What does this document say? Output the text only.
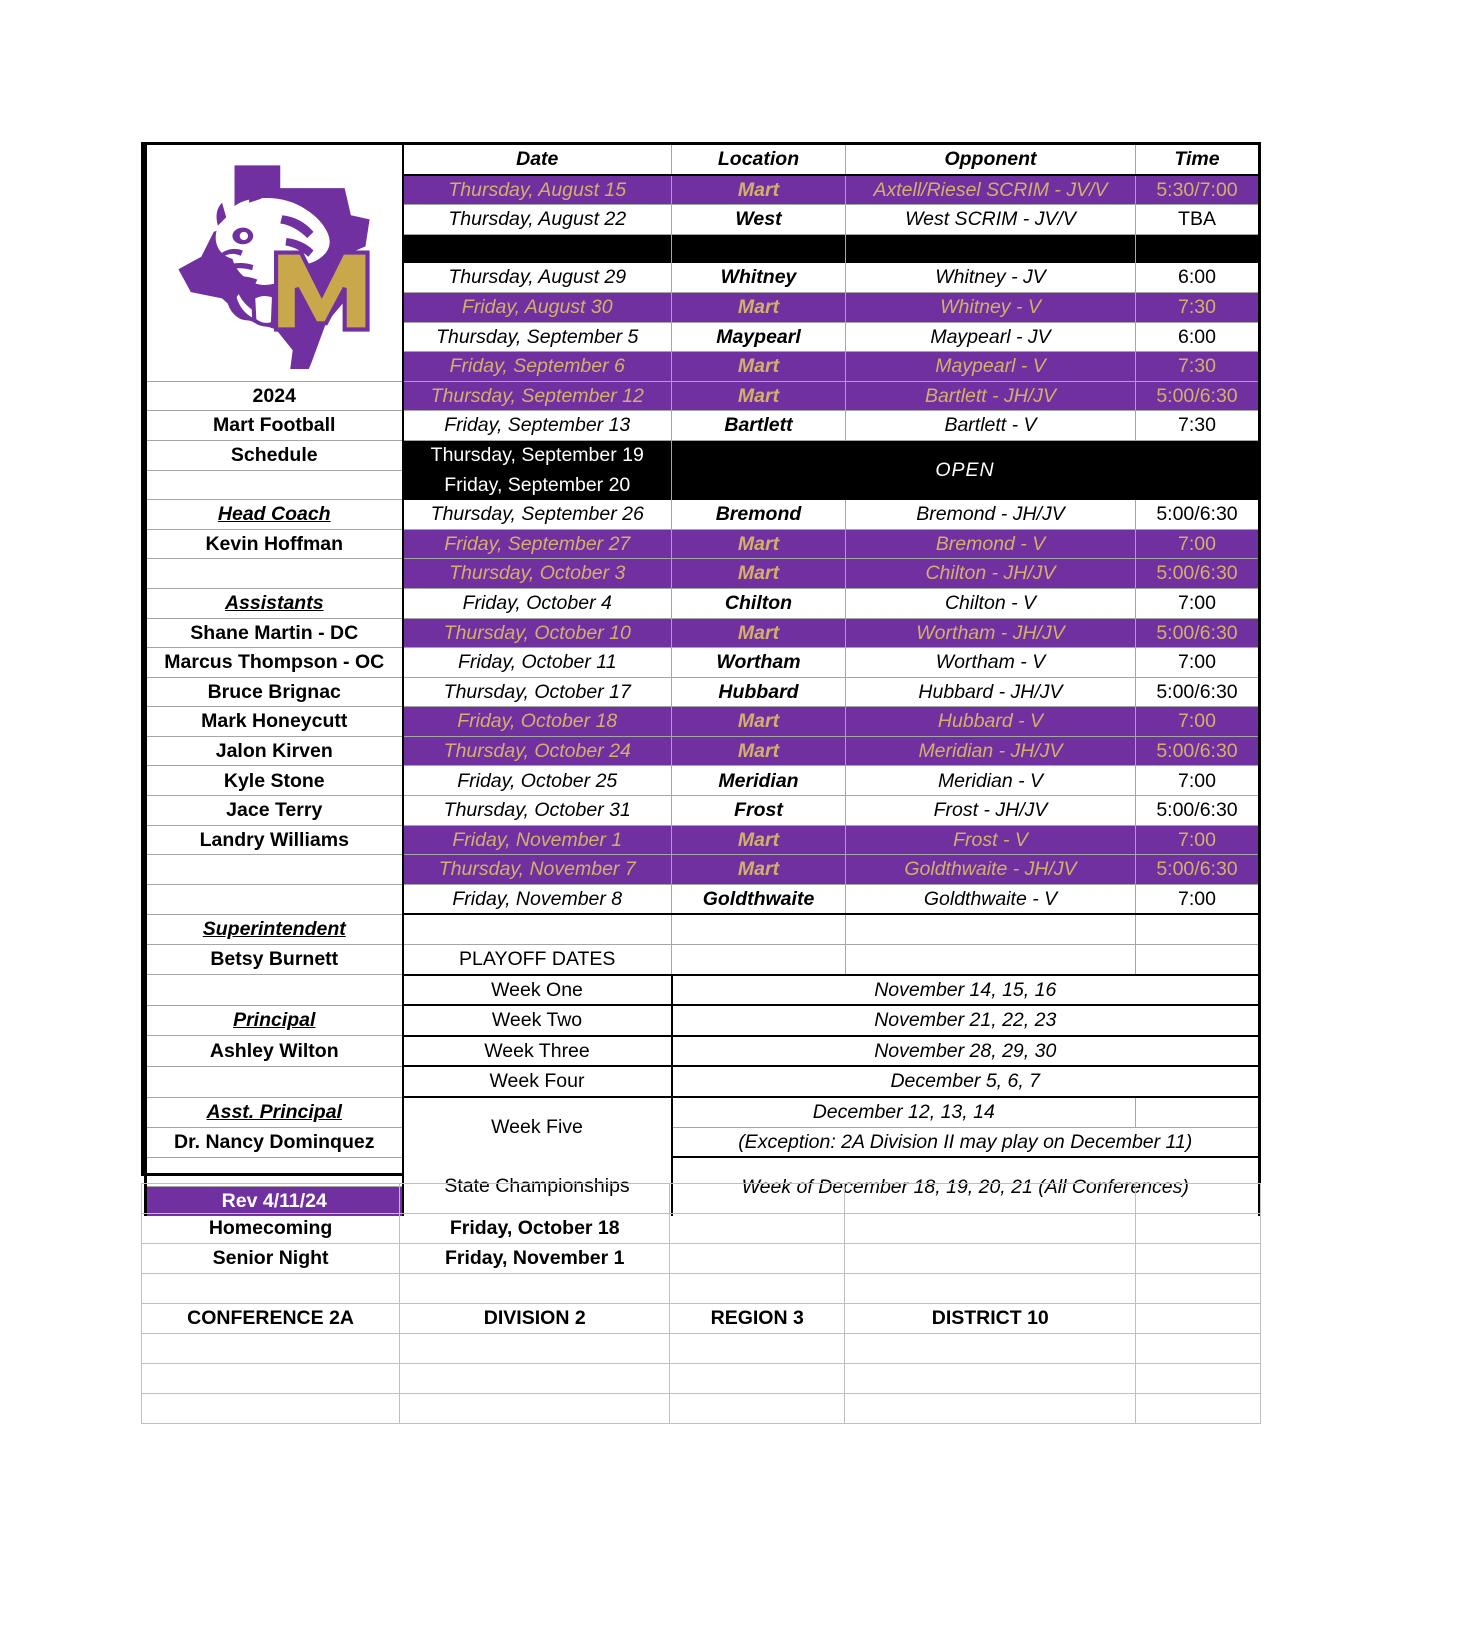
	Date	Location	Opponent	Time
	Thursday, August 15	Mart	Axtell/Riesel SCRIM - JV/V	5:30/7:00
	Thursday, August 22	West	West SCRIM - JV/V	TBA

	Thursday, August 29	Whitney	Whitney - JV	6:00
	Friday, August 30	Mart	Whitney - V	7:30
	Thursday, September 5	Maypearl	Maypearl - JV	6:00
	Friday, September 6	Mart	Maypearl - V	7:30
2024	Thursday, September 12	Mart	Bartlett - JH/JV	5:00/6:30
Mart Football	Friday, September 13	Bartlett	Bartlett - V	7:30
Schedule	Thursday, September 19	OPEN		
	Friday, September 20			
Head Coach	Thursday, September 26	Bremond	Bremond - JH/JV	5:00/6:30
Kevin Hoffman	Friday, September 27	Mart	Bremond - V	7:00
	Thursday, October 3	Mart	Chilton - JH/JV	5:00/6:30
Assistants	Friday, October 4	Chilton	Chilton - V	7:00
Shane Martin - DC	Thursday, October 10	Mart	Wortham - JH/JV	5:00/6:30
Marcus Thompson - OC	Friday, October 11	Wortham	Wortham - V	7:00
Bruce Brignac	Thursday, October 17	Hubbard	Hubbard - JH/JV	5:00/6:30
Mark Honeycutt	Friday, October 18	Mart	Hubbard - V	7:00
Jalon Kirven	Thursday, October 24	Mart	Meridian - JH/JV	5:00/6:30
Kyle Stone	Friday, October 25	Meridian	Meridian - V	7:00
Jace Terry	Thursday, October 31	Frost	Frost - JH/JV	5:00/6:30
Landry Williams	Friday, November 1	Mart	Frost - V	7:00
	Thursday, November 7	Mart	Goldthwaite - JH/JV	5:00/6:30
	Friday, November 8	Goldthwaite	Goldthwaite - V	7:00
Superintendent				
Betsy Burnett	PLAYOFF DATES			
	Week One	November 14, 15, 16		
Principal	Week Two	November 21, 22, 23		
Ashley Wilton	Week Three	November 28, 29, 30		
	Week Four	December 5, 6, 7		
Asst. Principal	Week Five	December 12, 13, 14		
Dr. Nancy Dominquez		(Exception: 2A Division II may play on December 11)		
	State Championships	Week of December 18, 19, 20, 21 (All Conferences)		
Rev 4/11/24				

Homecoming	Friday, October 18			
Senior Night	Friday, November 1			

CONFERENCE 2A	DIVISION 2	REGION 3	DISTRICT 10	
